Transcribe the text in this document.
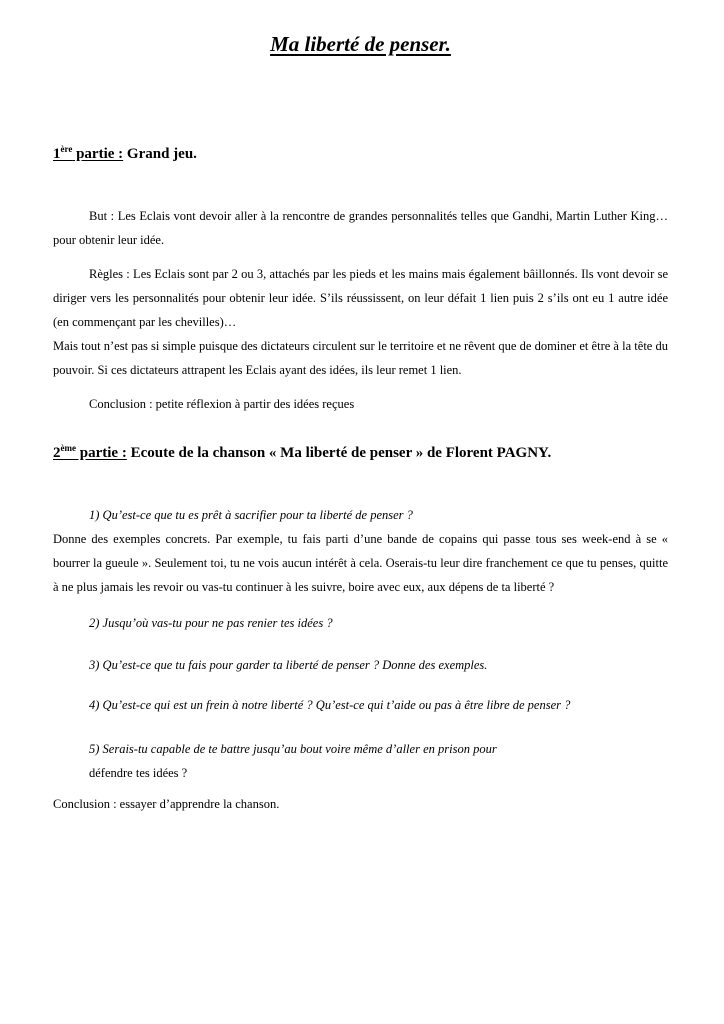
Ma liberté de penser.

1ère partie : Grand jeu.

But : Les Eclais vont devoir aller à la rencontre de grandes personnalités telles que Gandhi, Martin Luther King… pour obtenir leur idée.

Règles : Les Eclais sont par 2 ou 3, attachés par les pieds et les mains mais également bâillonnés. Ils vont devoir se diriger vers les personnalités pour obtenir leur idée. S’ils réussissent, on leur défait 1 lien puis 2 s’ils ont eu 1 autre idée (en commençant par les chevilles)…

Mais tout n’est pas si simple puisque des dictateurs circulent sur le territoire et ne rêvent que de dominer et être à la tête du pouvoir. Si ces dictateurs attrapent les Eclais ayant des idées, ils leur remet 1 lien.

Conclusion : petite réflexion à partir des idées reçues

2ème partie : Ecoute de la chanson « Ma liberté de penser » de Florent PAGNY.

1) Qu’est-ce que tu es prêt à sacrifier pour ta liberté de penser ?

Donne des exemples concrets. Par exemple, tu fais parti d’une bande de copains qui passe tous ses week-end à se « bourrer la gueule ». Seulement toi, tu ne vois aucun intérêt à cela. Oserais-tu leur dire franchement ce que tu penses, quitte à ne plus jamais les revoir ou vas-tu continuer à les suivre, boire avec eux, aux dépens de ta liberté ?

2) Jusqu’où vas-tu pour ne pas renier tes idées ?

3) Qu’est-ce que tu fais pour garder ta liberté de penser ? Donne des exemples.

4) Qu’est-ce qui est un frein à notre liberté ? Qu’est-ce qui t’aide ou pas à être libre de penser ?

5) Serais-tu capable de te battre jusqu’au bout voire même d’aller en prison pour

défendre tes idées ?

Conclusion : essayer d’apprendre la chanson.
